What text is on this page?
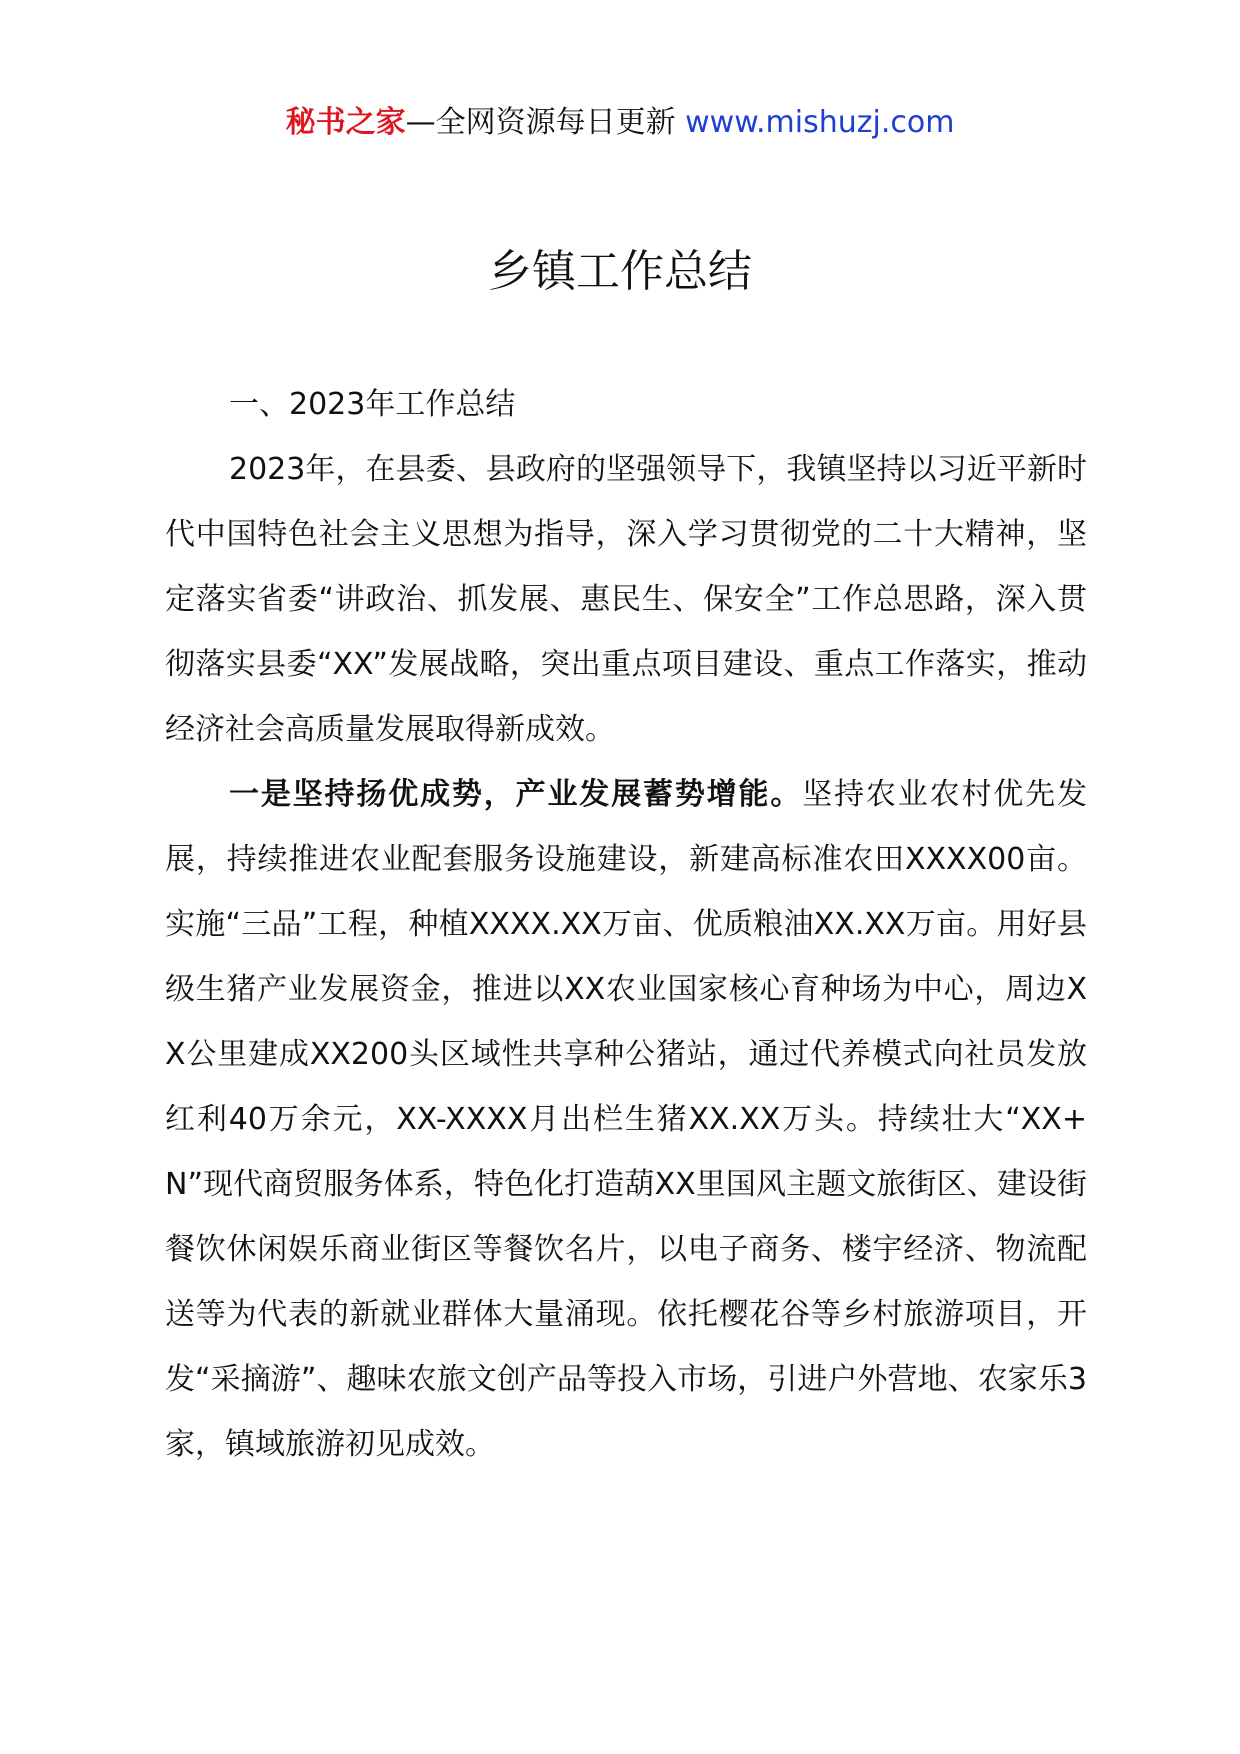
秘书之家—全网资源每日更新 www.mishuzj.com
乡镇工作总结

一、2023年工作总结

2023年，在县委、县政府的坚强领导下，我镇坚持以习近平新时代中国特色社会主义思想为指导，深入学习贯彻党的二十大精神，坚定落实省委“讲政治、抓发展、惠民生、保安全”工作总思路，深入贯彻落实县委“XX”发展战略，突出重点项目建设、重点工作落实，推动经济社会高质量发展取得新成效。

一是坚持扬优成势，产业发展蓄势增能。坚持农业农村优先发展，持续推进农业配套服务设施建设，新建高标准农田XXXX00亩。实施“三品”工程，种植XXXX.XX万亩、优质粮油XX.XX万亩。用好县级生猪产业发展资金，推进以XX农业国家核心育种场为中心，周边XX公里建成XX200头区域性共享种公猪站，通过代养模式向社员发放红利40万余元，XX-XXXX月出栏生猪XX.XX万头。持续壮大“XX+N”现代商贸服务体系，特色化打造葫XX里国风主题文旅街区、建设街餐饮休闲娱乐商业街区等餐饮名片，以电子商务、楼宇经济、物流配送等为代表的新就业群体大量涌现。依托樱花谷等乡村旅游项目，开发“采摘游”、趣味农旅文创产品等投入市场，引进户外营地、农家乐3家，镇域旅游初见成效。
